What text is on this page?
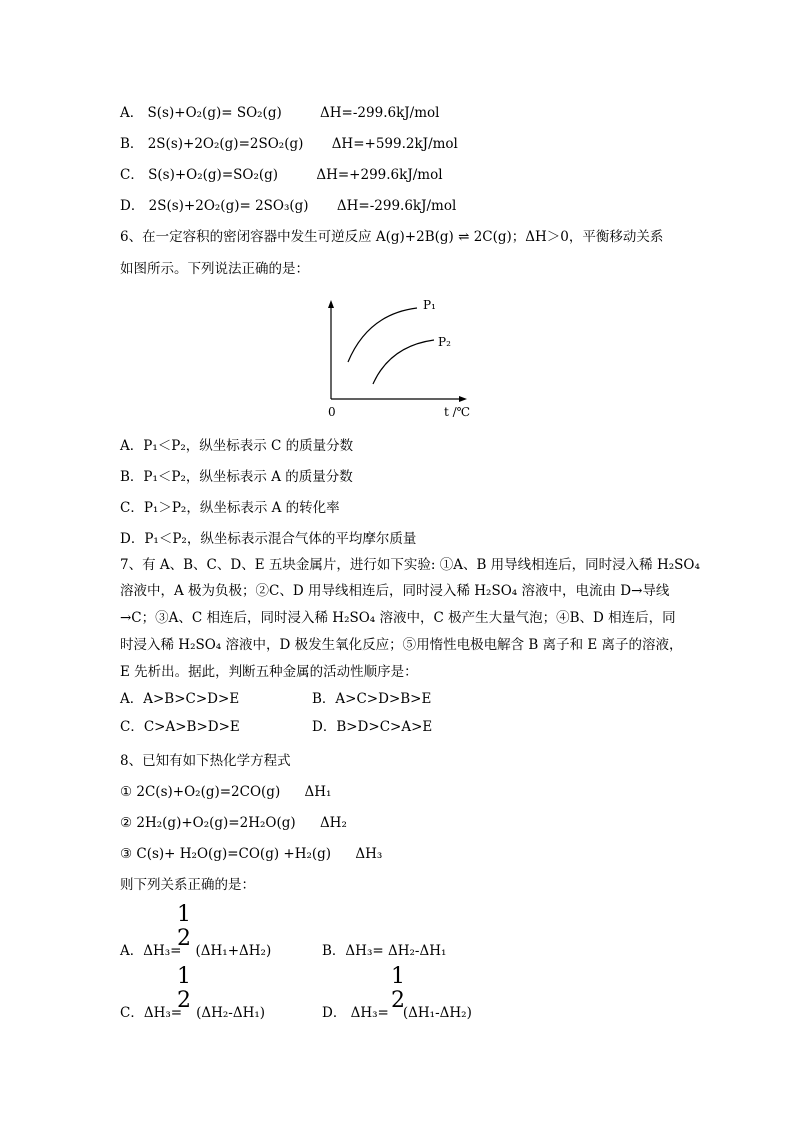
A． S(s)+O₂(g)= SO₂(g)	ΔH=-299.6kJ/mol
B． 2S(s)+2O₂(g)=2SO₂(g) ΔH=+599.2kJ/mol
C． S(s)+O₂(g)=SO₂(g)	ΔH=+299.6kJ/mol
D． 2S(s)+2O₂(g)= 2SO₃(g) ΔH=-299.6kJ/mol
6、在一定容积的密闭容器中发生可逆反应 A(g)+2B(g) ⇌ 2C(g)；ΔH＞0，平衡移动关系
如图所示。下列说法正确的是：
P₁
P₂
0	t /℃
A．P₁＜P₂，纵坐标表示 C 的质量分数
B．P₁＜P₂，纵坐标表示 A 的质量分数
C．P₁＞P₂，纵坐标表示 A 的转化率
D．P₁＜P₂，纵坐标表示混合气体的平均摩尔质量
7、有 A、B、C、D、E 五块金属片，进行如下实验: ①A、B 用导线相连后，同时浸入稀 H₂SO₄
溶液中，A 极为负极；②C、D 用导线相连后，同时浸入稀 H₂SO₄ 溶液中，电流由 D→导线
→C；③A、C 相连后，同时浸入稀 H₂SO₄ 溶液中，C 极产生大量气泡；④B、D 相连后，同
时浸入稀 H₂SO₄ 溶液中，D 极发生氧化反应；⑤用惰性电极电解含 B 离子和 E 离子的溶液，
E 先析出。据此，判断五种金属的活动性顺序是：
A．A>B>C>D>E	B．A>C>D>B>E
C．C>A>B>D>E	D．B>D>C>A>E
8、已知有如下热化学方程式
① 2C(s)+O₂(g)=2CO(g) ΔH₁
② 2H₂(g)+O₂(g)=2H₂O(g) ΔH₂
③ C(s)+ H₂O(g)=CO(g) +H₂(g) ΔH₃
则下列关系正确的是：
1
2
A．ΔH₃= (ΔH₁+ΔH₂)	B．ΔH₃= ΔH₂-ΔH₁
1
2
C．ΔH₃= (ΔH₂-ΔH₁)
1
2
D． ΔH₃= (ΔH₁-ΔH₂)
